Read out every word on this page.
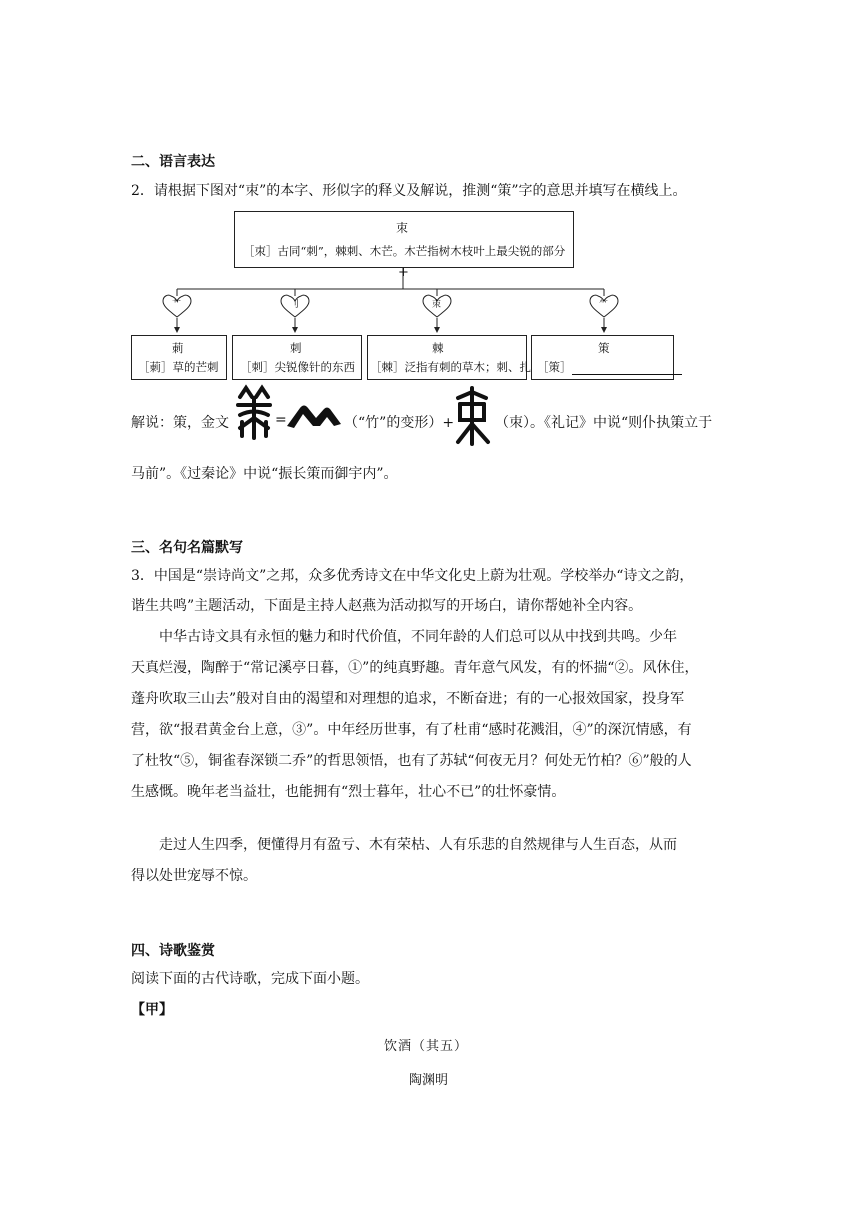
二、语言表达
2．请根据下图对“朿”的本字、形似字的释义及解说，推测“策”字的意思并填写在横线上。
朿
［朿］古同“刺”，棘刺、木芒。木芒指树木枝叶上最尖锐的部分
+
艹	刂	朿	⺮
莿
［莿］草的芒刺
刺
［刺］尖锐像针的东西
棘
［棘］泛指有刺的草木；刺、扎
策
［策］
解说：策，金文	=	（“竹”的变形）+	（朿）。《礼记》中说“则仆执策立于
马前”。《过秦论》中说“振长策而御宇内”。
三、名句名篇默写
3．中国是“崇诗尚文”之邦，众多优秀诗文在中华文化史上蔚为壮观。学校举办“诗文之韵，
谐生共鸣”主题活动，下面是主持人赵燕为活动拟写的开场白，请你帮她补全内容。
中华古诗文具有永恒的魅力和时代价值，不同年龄的人们总可以从中找到共鸣。少年
天真烂漫，陶醉于“常记溪亭日暮，①”的纯真野趣。青年意气风发，有的怀揣“②。风休住，
蓬舟吹取三山去”般对自由的渴望和对理想的追求，不断奋进；有的一心报效国家，投身军
营，欲“报君黄金台上意，③”。中年经历世事，有了杜甫“感时花溅泪，④”的深沉情感，有
了杜牧“⑤，铜雀春深锁二乔”的哲思领悟，也有了苏轼“何夜无月？何处无竹柏？⑥”般的人
生感慨。晚年老当益壮，也能拥有“烈士暮年，壮心不已”的壮怀豪情。
走过人生四季，便懂得月有盈亏、木有荣枯、人有乐悲的自然规律与人生百态，从而
得以处世宠辱不惊。
四、诗歌鉴赏
阅读下面的古代诗歌，完成下面小题。
【甲】
饮酒（其五）
陶渊明
